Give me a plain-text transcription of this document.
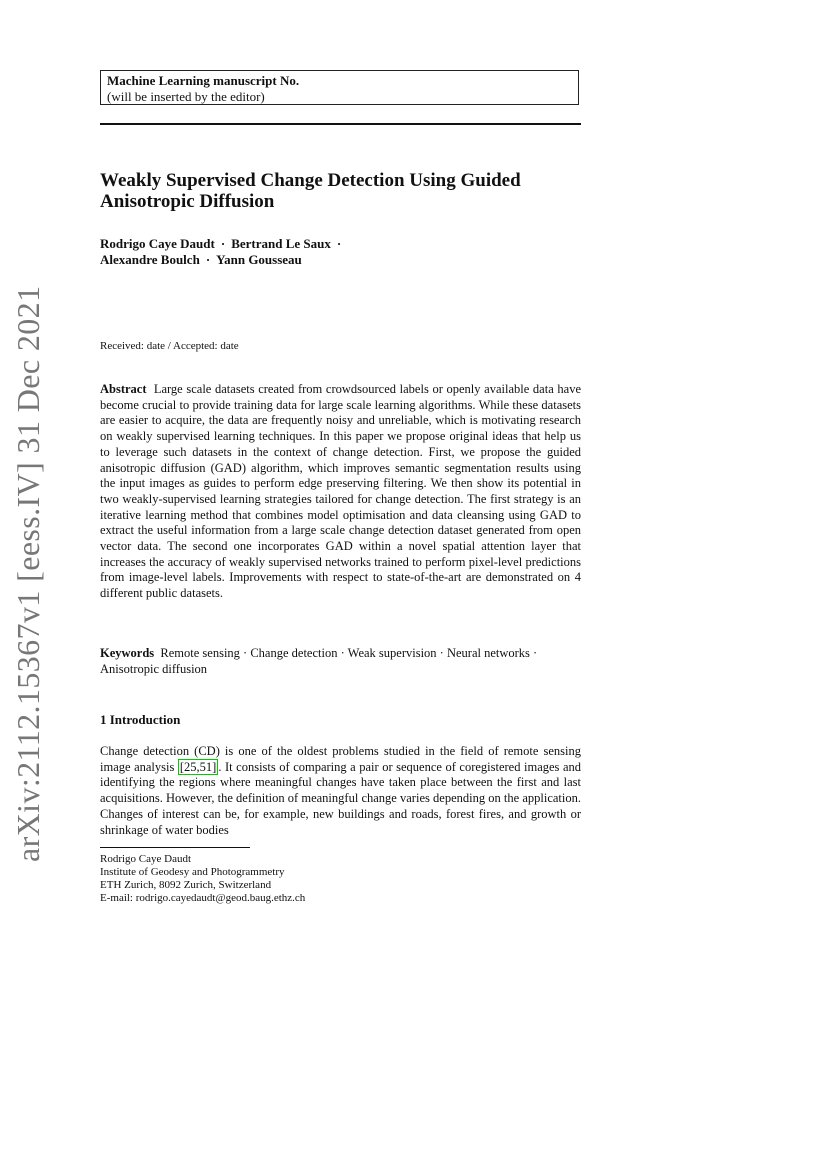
Machine Learning manuscript No.
(will be inserted by the editor)
Weakly Supervised Change Detection Using Guided
Anisotropic Diffusion
Rodrigo Caye Daudt · Bertrand Le Saux ·
Alexandre Boulch · Yann Gousseau
Received: date / Accepted: date
Abstract Large scale datasets created from crowdsourced labels or openly available data have become crucial to provide training data for large scale learning algorithms. While these datasets are easier to acquire, the data are frequently noisy and unreliable, which is motivating research on weakly supervised learning techniques. In this paper we propose original ideas that help us to leverage such datasets in the context of change detection. First, we propose the guided anisotropic diffusion (GAD) algorithm, which improves semantic segmentation results using the input images as guides to perform edge preserving filtering. We then show its potential in two weakly-supervised learning strategies tailored for change detection. The first strategy is an iterative learning method that combines model optimisation and data cleansing using GAD to extract the useful information from a large scale change detection dataset generated from open vector data. The second one incorporates GAD within a novel spatial attention layer that increases the accuracy of weakly supervised networks trained to perform pixel-level predictions from image-level labels. Improvements with respect to state-of-the-art are demonstrated on 4 different public datasets.
Keywords Remote sensing · Change detection · Weak supervision · Neural networks · Anisotropic diffusion
1 Introduction
Change detection (CD) is one of the oldest problems studied in the field of remote sensing image analysis [25,51] . It consists of comparing a pair or sequence of coregistered images and identifying the regions where meaningful changes have taken place between the first and last acquisitions. However, the definition of meaningful change varies depending on the application. Changes of interest can be, for example, new buildings and roads, forest fires, and growth or shrinkage of water bodies
Rodrigo Caye Daudt
Institute of Geodesy and Photogrammetry
ETH Zurich, 8092 Zurich, Switzerland
E-mail: rodrigo.cayedaudt@geod.baug.ethz.ch
arXiv:2112.15367v1 [eess.IV] 31 Dec 2021
